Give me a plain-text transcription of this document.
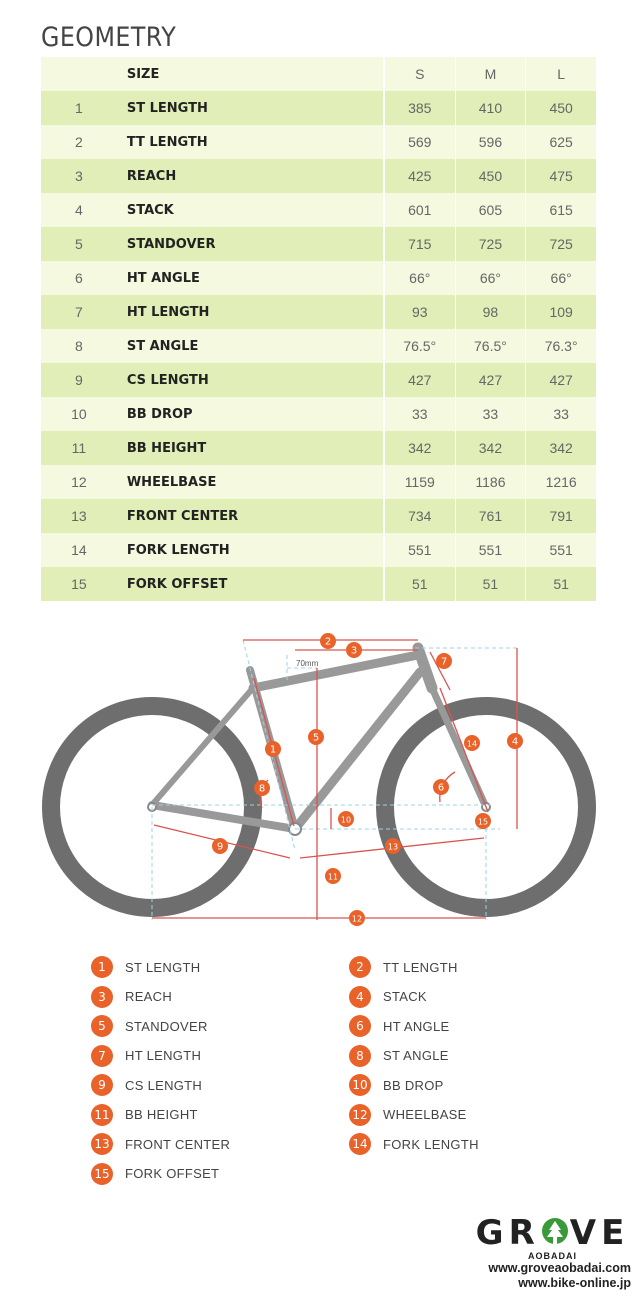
GEOMETRY
	SIZE	S	M	L
1	ST LENGTH	385	410	450
2	TT LENGTH	569	596	625
3	REACH	425	450	475
4	STACK	601	605	615
5	STANDOVER	715	725	725
6	HT ANGLE	66°	66°	66°
7	HT LENGTH	93	98	109
8	ST ANGLE	76.5°	76.5°	76.3°
9	CS LENGTH	427	427	427
10	BB DROP	33	33	33
11	BB HEIGHT	342	342	342
12	WHEELBASE	1159	1186	1216
13	FRONT CENTER	734	761	791
14	FORK LENGTH	551	551	551
15	FORK OFFSET	51	51	51
70mm
1
2
3
4
5
6
7
8
9
10
11
12
13
14
15
1	ST LENGTH	2	TT LENGTH
3	REACH	4	STACK
5	STANDOVER	6	HT ANGLE
7	HT LENGTH	8	ST ANGLE
9	CS LENGTH	10 BB DROP
11 BB HEIGHT	12 WHEELBASE
13 FRONT CENTER	14 FORK LENGTH
15 FORK OFFSET
GR VE
AOBADAI
www.groveaobadai.com
www.bike-online.jp
